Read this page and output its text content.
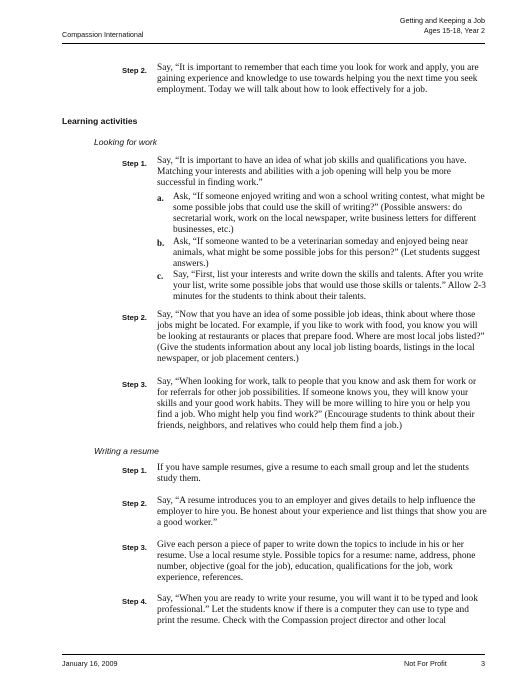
Compassion International
Getting and Keeping a Job
Ages 15-18, Year 2
Step 2. Say, “It is important to remember that each time you look for work and apply, you are gaining experience and knowledge to use towards helping you the next time you seek employment. Today we will talk about how to look effectively for a job.
Learning activities
Looking for work
Step 1. Say, “It is important to have an idea of what job skills and qualifications you have. Matching your interests and abilities with a job opening will help you be more successful in finding work.”
a. Ask, “If someone enjoyed writing and won a school writing contest, what might be some possible jobs that could use the skill of writing?” (Possible answers: do secretarial work, work on the local newspaper, write business letters for different businesses, etc.)
b. Ask, “If someone wanted to be a veterinarian someday and enjoyed being near animals, what might be some possible jobs for this person?” (Let students suggest answers.)
c. Say, “First, list your interests and write down the skills and talents. After you write your list, write some possible jobs that would use those skills or talents.” Allow 2-3 minutes for the students to think about their talents.
Step 2. Say, “Now that you have an idea of some possible job ideas, think about where those jobs might be located. For example, if you like to work with food, you know you will be looking at restaurants or places that prepare food. Where are most local jobs listed?” (Give the students information about any local job listing boards, listings in the local newspaper, or job placement centers.)
Step 3. Say, “When looking for work, talk to people that you know and ask them for work or for referrals for other job possibilities. If someone knows you, they will know your skills and your good work habits. They will be more willing to hire you or help you find a job. Who might help you find work?” (Encourage students to think about their friends, neighbors, and relatives who could help them find a job.)
Writing a resume
Step 1. If you have sample resumes, give a resume to each small group and let the students study them.
Step 2. Say, “A resume introduces you to an employer and gives details to help influence the employer to hire you. Be honest about your experience and list things that show you are a good worker.”
Step 3. Give each person a piece of paper to write down the topics to include in his or her resume. Use a local resume style. Possible topics for a resume: name, address, phone number, objective (goal for the job), education, qualifications for the job, work experience, references.
Step 4. Say, “When you are ready to write your resume, you will want it to be typed and look professional.” Let the students know if there is a computer they can use to type and print the resume. Check with the Compassion project director and other local
January 16, 2009	Not For Profit	3
